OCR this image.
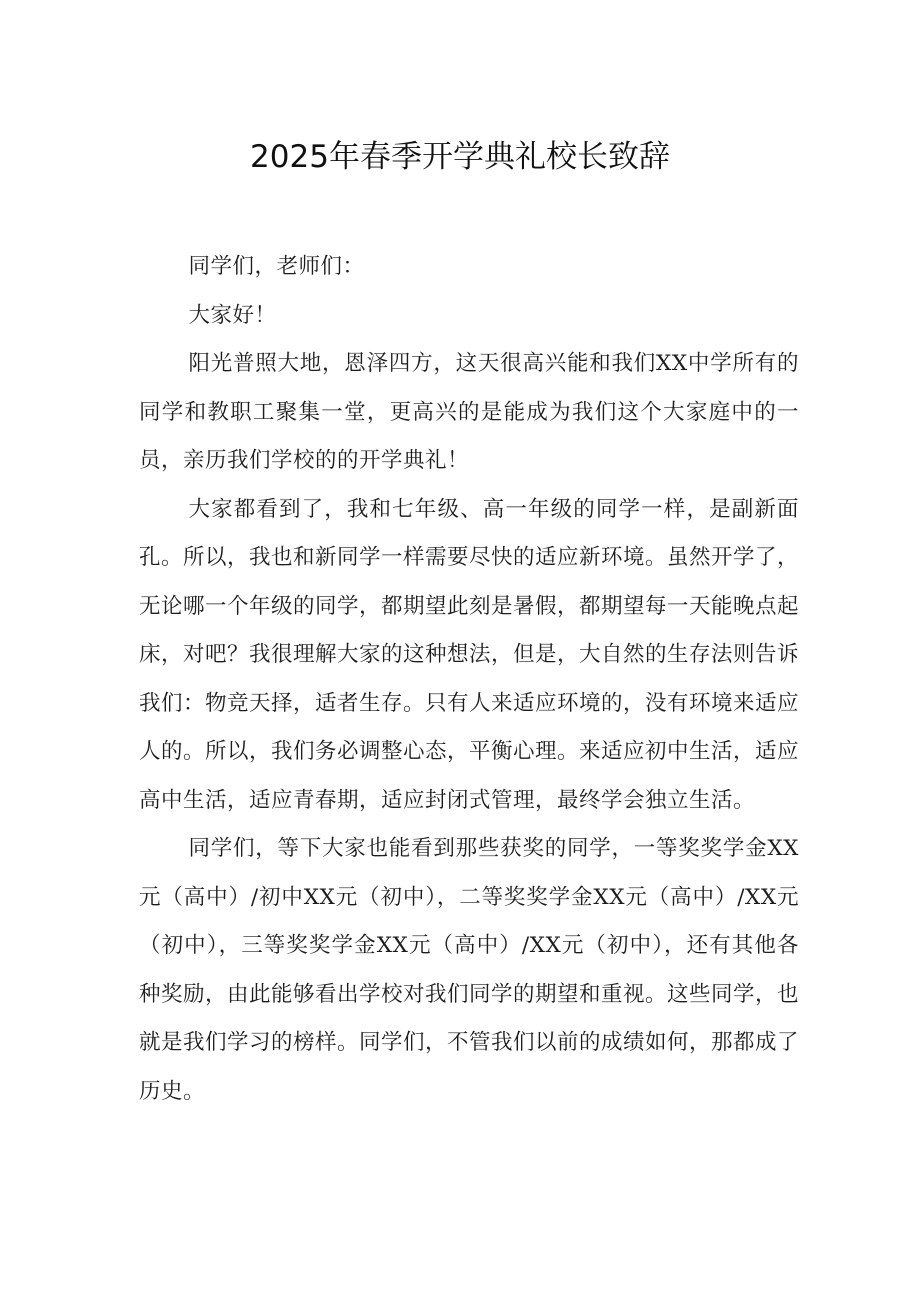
2025年春季开学典礼校长致辞

同学们，老师们：

大家好！

阳光普照大地，恩泽四方，这天很高兴能和我们XX中学所有的同学和教职工聚集一堂，更高兴的是能成为我们这个大家庭中的一员，亲历我们学校的的开学典礼！

大家都看到了，我和七年级、高一年级的同学一样，是副新面孔。所以，我也和新同学一样需要尽快的适应新环境。虽然开学了，无论哪一个年级的同学，都期望此刻是暑假，都期望每一天能晚点起床，对吧？我很理解大家的这种想法，但是，大自然的生存法则告诉我们：物竞天择，适者生存。只有人来适应环境的，没有环境来适应人的。所以，我们务必调整心态，平衡心理。来适应初中生活，适应高中生活，适应青春期，适应封闭式管理，最终学会独立生活。

同学们，等下大家也能看到那些获奖的同学，一等奖奖学金XX元（高中）/初中XX元（初中），二等奖奖学金XX元（高中）/XX元（初中），三等奖奖学金XX元（高中）/XX元（初中），还有其他各种奖励，由此能够看出学校对我们同学的期望和重视。这些同学，也就是我们学习的榜样。同学们，不管我们以前的成绩如何，那都成了历史。
